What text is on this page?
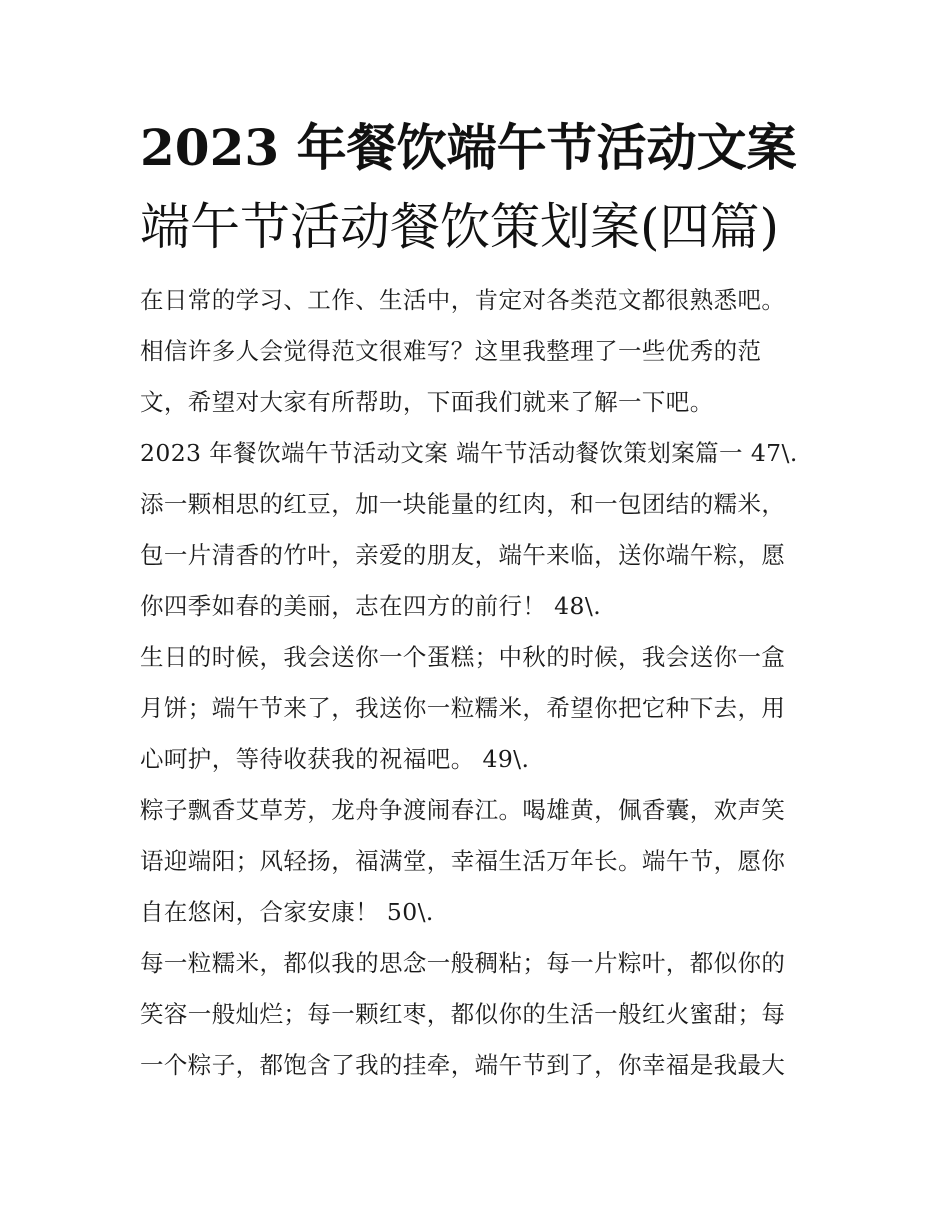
2023 年餐饮端午节活动文案
端午节活动餐饮策划案(四篇)
在日常的学习、工作、生活中，肯定对各类范文都很熟悉吧。
相信许多人会觉得范文很难写？这里我整理了一些优秀的范
文，希望对大家有所帮助，下面我们就来了解一下吧。
2023 年餐饮端午节活动文案 端午节活动餐饮策划案篇一 47\.
添一颗相思的红豆，加一块能量的红肉，和一包团结的糯米，
包一片清香的竹叶，亲爱的朋友，端午来临，送你端午粽，愿
你四季如春的美丽，志在四方的前行！ 48\.
生日的时候，我会送你一个蛋糕；中秋的时候，我会送你一盒
月饼；端午节来了，我送你一粒糯米，希望你把它种下去，用
心呵护，等待收获我的祝福吧。 49\.
粽子飘香艾草芳，龙舟争渡闹春江。喝雄黄，佩香囊，欢声笑
语迎端阳；风轻扬，福满堂，幸福生活万年长。端午节，愿你
自在悠闲，合家安康！ 50\.
每一粒糯米，都似我的思念一般稠粘；每一片粽叶，都似你的
笑容一般灿烂；每一颗红枣，都似你的生活一般红火蜜甜；每
一个粽子，都饱含了我的挂牵，端午节到了，你幸福是我最大
